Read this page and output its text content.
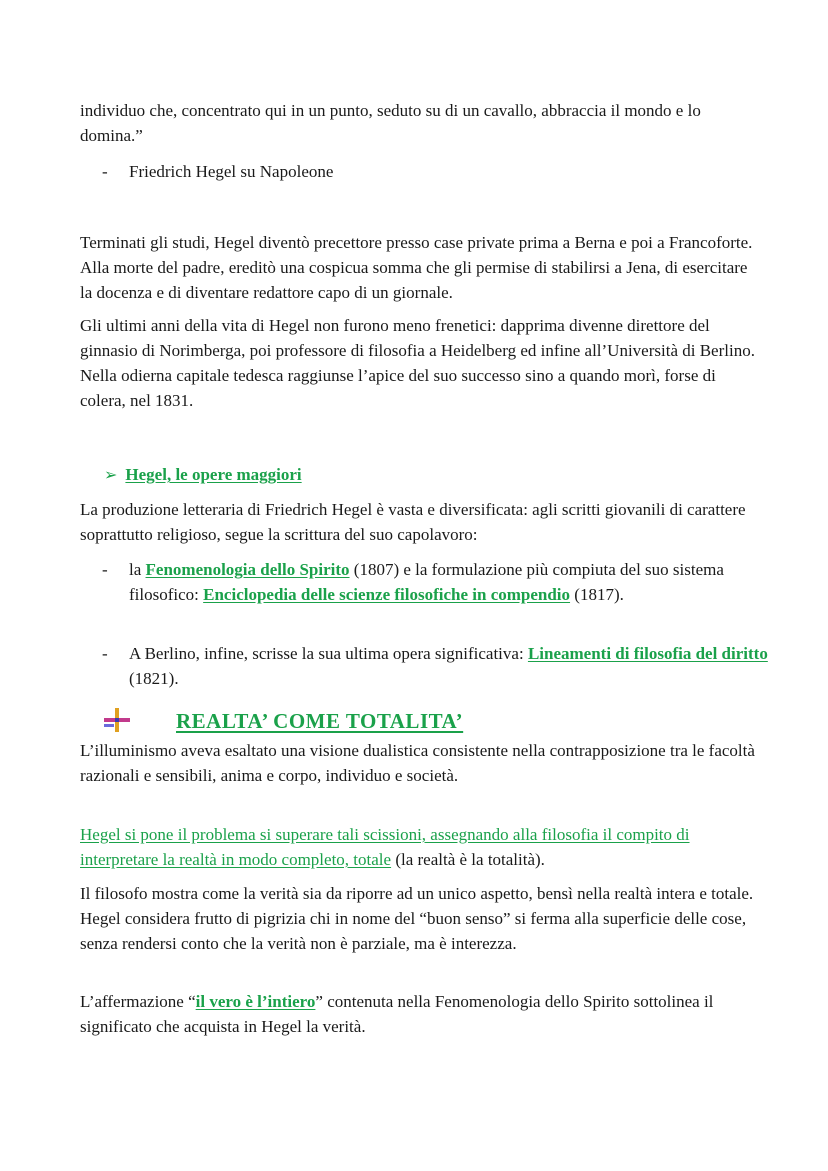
individuo che, concentrato qui in un punto, seduto su di un cavallo, abbraccia il mondo e lo domina.”

- Friedrich Hegel su Napoleone

Terminati gli studi, Hegel diventò precettore presso case private prima a Berna e poi a Francoforte. Alla morte del padre, ereditò una cospicua somma che gli permise di stabilirsi a Jena, di esercitare la docenza e di diventare redattore capo di un giornale.

Gli ultimi anni della vita di Hegel non furono meno frenetici: dapprima divenne direttore del ginnasio di Norimberga, poi professore di filosofia a Heidelberg ed infine all’Università di Berlino. Nella odierna capitale tedesca raggiunse l’apice del suo successo sino a quando morì, forse di colera, nel 1831.

➢ Hegel, le opere maggiori

La produzione letteraria di Friedrich Hegel è vasta e diversificata: agli scritti giovanili di carattere soprattutto religioso, segue la scrittura del suo capolavoro:

- la Fenomenologia dello Spirito (1807) e la formulazione più compiuta del suo sistema filosofico: Enciclopedia delle scienze filosofiche in compendio (1817).

- A Berlino, infine, scrisse la sua ultima opera significativa: Lineamenti di filosofia del diritto (1821).

REALTA’ COME TOTALITA’

L’illuminismo aveva esaltato una visione dualistica consistente nella contrapposizione tra le facoltà razionali e sensibili, anima e corpo, individuo e società.

Hegel si pone il problema si superare tali scissioni, assegnando alla filosofia il compito di interpretare la realtà in modo completo, totale (la realtà è la totalità).

Il filosofo mostra come la verità sia da riporre ad un unico aspetto, bensì nella realtà intera e totale. Hegel considera frutto di pigrizia chi in nome del “buon senso” si ferma alla superficie delle cose, senza rendersi conto che la verità non è parziale, ma è interezza.

L’affermazione “il vero è l’intiero” contenuta nella Fenomenologia dello Spirito sottolinea il significato che acquista in Hegel la verità.
